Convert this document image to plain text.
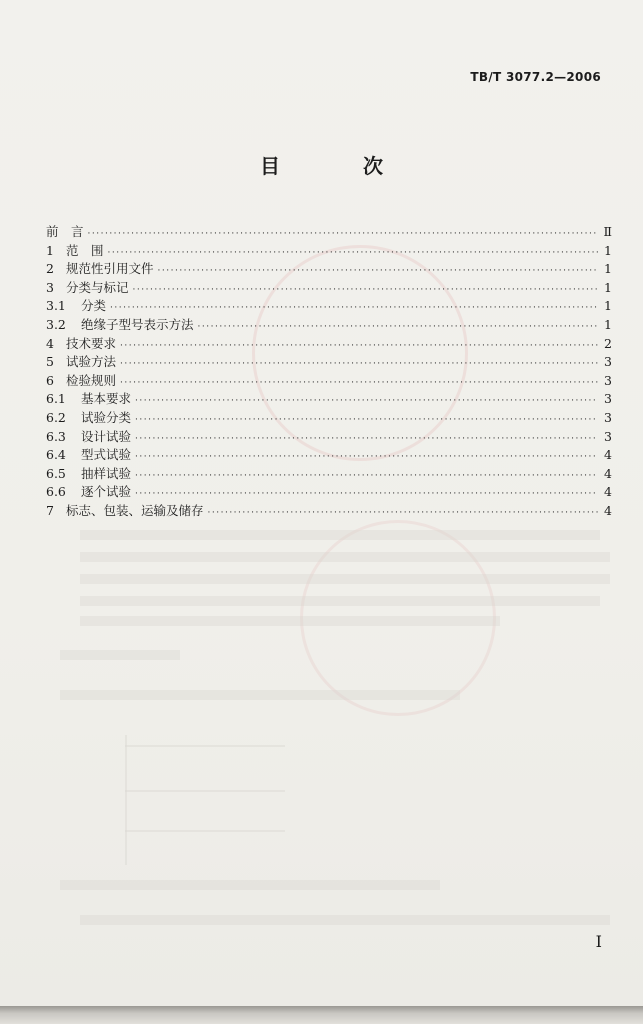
TB/T 3077.2—2006
目 次
前　言 ·····	Ⅱ
1 范　围 ·····	1
2 规范性引用文件 ·····	1
3 分类与标记 ·····	1
3.1	分类 ·····	1
3.2	绝缘子型号表示方法 ·····	1
4 技术要求 ·····	2
5 试验方法 ·····	3
6 检验规则 ·····	3
6.1	基本要求 ·····	3
6.2	试验分类 ·····	3
6.3	设计试验 ·····	3
6.4	型式试验 ·····	4
6.5	抽样试验 ·····	4
6.6	逐个试验 ·····	4
7 标志、包装、运输及储存 ·····	4
I
